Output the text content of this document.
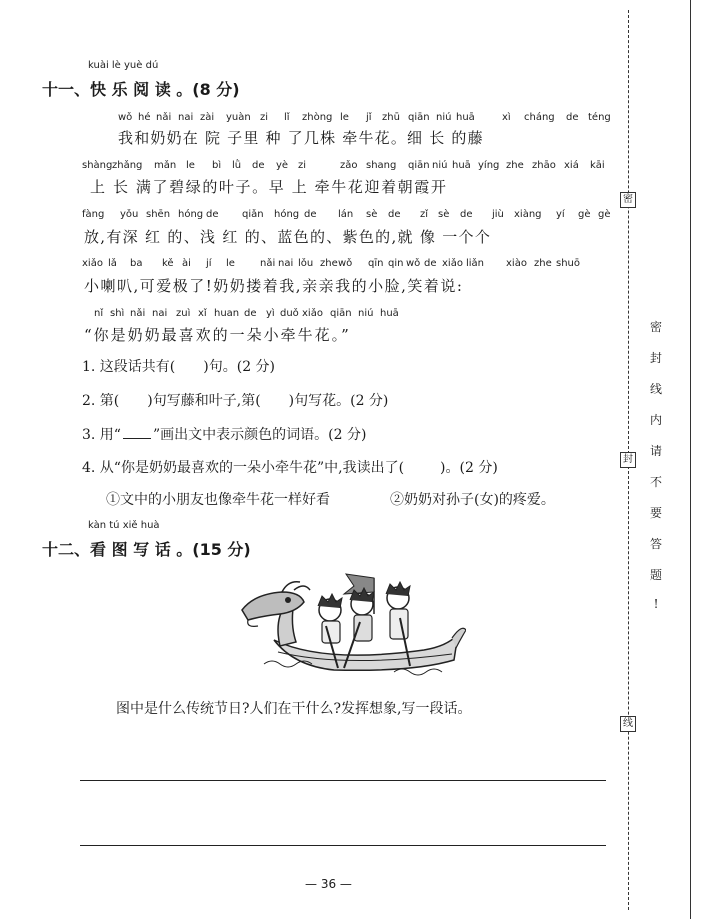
kuài lè yuè dú
十一、快 乐 阅 读 。(8 分)
wǒ hé nǎi nai zài yuàn zi lǐ zhòng le jǐ zhū qiān niú huā	xì cháng de téng
我和奶奶在 院 子里 种 了几株 牵牛花。细 长 的藤
shàng zhǎng mǎn le bì lǜ de yè zi	zǎo shang qiān niú huā yíng zhe zhāo xiá kāi
上 长 满了碧绿的叶子。早 上 牵牛花迎着朝霞开
fàng yǒu shēn hóng de qiǎn hóng de lán sè de zǐ sè de jiù xiàng yí gè gè
放,有深 红 的、浅 红 的、蓝色的、紫色的,就 像 一个个
xiǎo lǎ ba kě ài jí le	nǎi nai lǒu zhe wǒ qīn qin wǒ de xiǎo liǎn xiào zhe shuō
小喇叭,可爱极了!奶奶搂着我,亲亲我的小脸,笑着说:
nǐ shì nǎi nai zuì xǐ huan de yì duǒ xiǎo qiān niú huā
“你是奶奶最喜欢的一朵小牵牛花。”
1. 这段话共有( )句。(2 分)
2. 第( )句写藤和叶子,第( )句写花。(2 分)
3. 用“ ”画出文中表示颜色的词语。(2 分)
4. 从“你是奶奶最喜欢的一朵小牵牛花”中,我读出了(	)。(2 分)
①文中的小朋友也像牵牛花一样好看	②奶奶对孙子(女)的疼爱。
kàn tú xiě huà
十二、看 图 写 话 。(15 分)
图中是什么传统节日?人们在干什么?发挥想象,写一段话。
— 36 —
密
封
线
密
封
线
内
请
不
要
答
题
!
